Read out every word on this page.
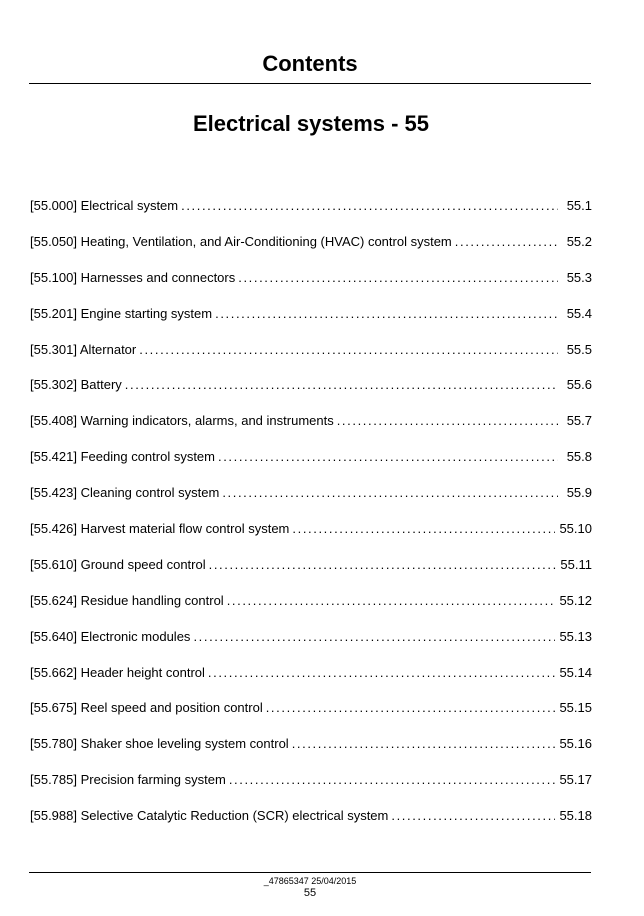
Contents
Electrical systems - 55
[55.000] Electrical system .....	55.1
[55.050] Heating, Ventilation, and Air-Conditioning (HVAC) control system .....	55.2
[55.100] Harnesses and connectors .....	55.3
[55.201] Engine starting system .....	55.4
[55.301] Alternator .....	55.5
[55.302] Battery .....	55.6
[55.408] Warning indicators, alarms, and instruments .....	55.7
[55.421] Feeding control system .....	55.8
[55.423] Cleaning control system .....	55.9
[55.426] Harvest material flow control system .....	55.10
[55.610] Ground speed control .....	55.11
[55.624] Residue handling control .....	55.12
[55.640] Electronic modules .....	55.13
[55.662] Header height control .....	55.14
[55.675] Reel speed and position control .....	55.15
[55.780] Shaker shoe leveling system control .....	55.16
[55.785] Precision farming system .....	55.17
[55.988] Selective Catalytic Reduction (SCR) electrical system .....	55.18
_47865347 25/04/2015
55
